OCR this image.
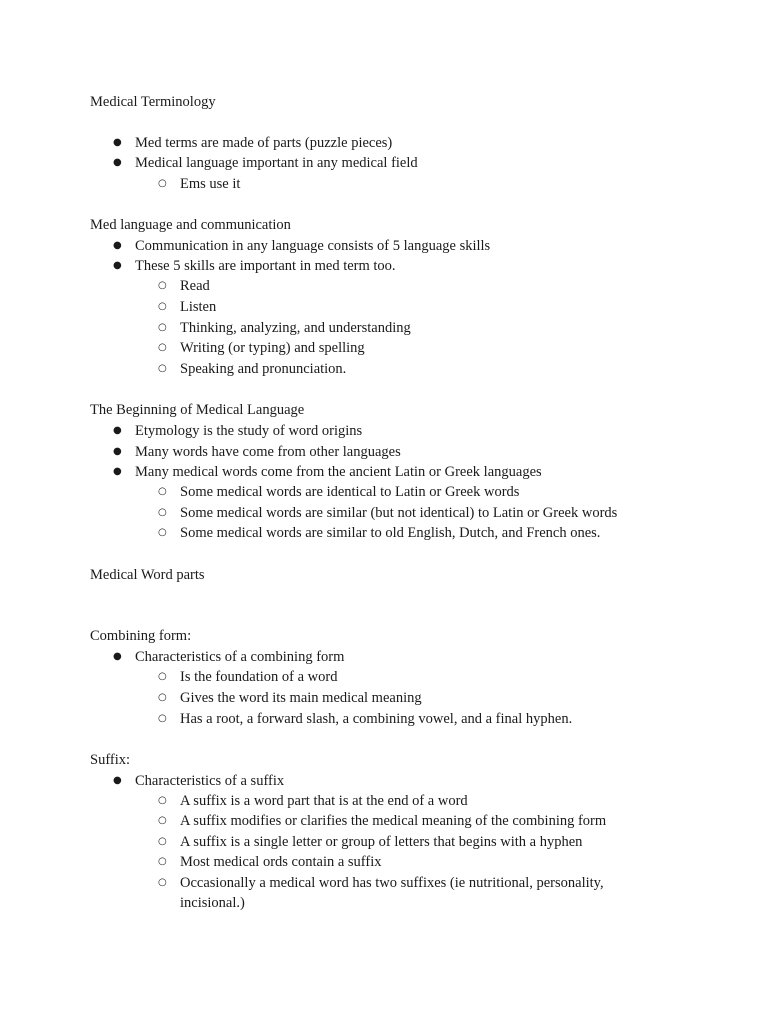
Medical Terminology
● Med terms are made of parts (puzzle pieces)
● Medical language important in any medical field
○ Ems use it
Med language and communication
● Communication in any language consists of 5 language skills
● These 5 skills are important in med term too.
○ Read
○ Listen
○ Thinking, analyzing, and understanding
○ Writing (or typing) and spelling
○ Speaking and pronunciation.
The Beginning of Medical Language
● Etymology is the study of word origins
● Many words have come from other languages
● Many medical words come from the ancient Latin or Greek languages
○ Some medical words are identical to Latin or Greek words
○ Some medical words are similar (but not identical) to Latin or Greek words
○ Some medical words are similar to old English, Dutch, and French ones.
Medical Word parts
Combining form:
● Characteristics of a combining form
○ Is the foundation of a word
○ Gives the word its main medical meaning
○ Has a root, a forward slash, a combining vowel, and a final hyphen.
Suffix:
● Characteristics of a suffix
○ A suffix is a word part that is at the end of a word
○ A suffix modifies or clarifies the medical meaning of the combining form
○ A suffix is a single letter or group of letters that begins with a hyphen
○ Most medical ords contain a suffix
○ Occasionally a medical word has two suffixes (ie nutritional, personality, incisional.)
